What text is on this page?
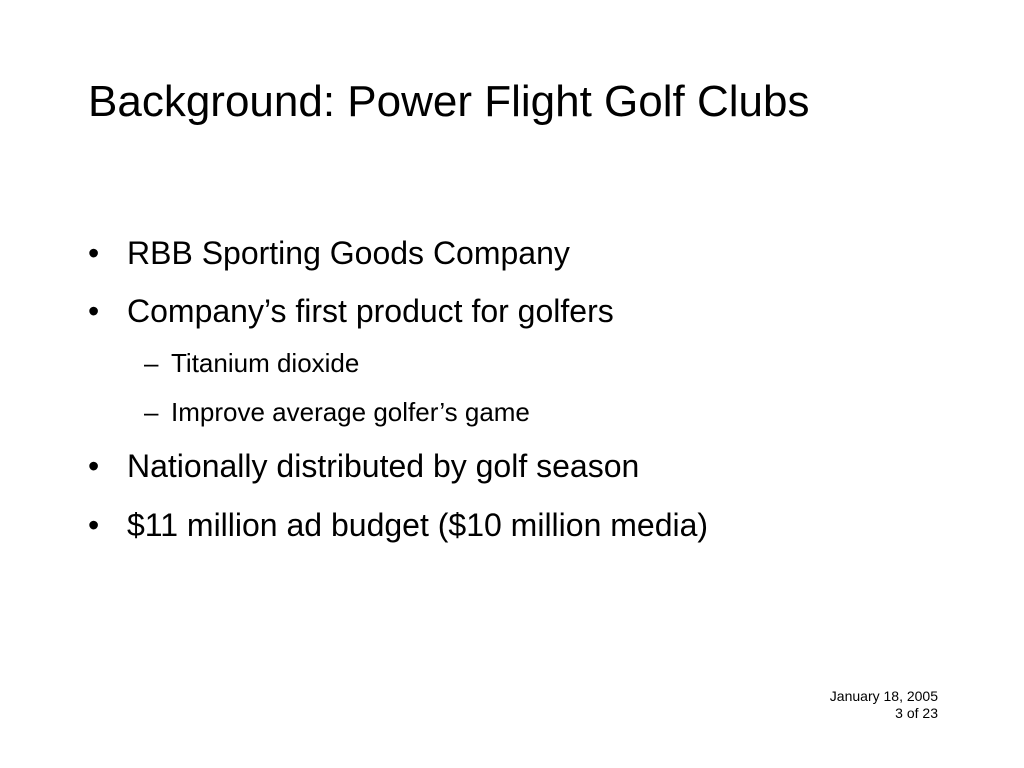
Background: Power Flight Golf Clubs
• RBB Sporting Goods Company
• Company’s first product for golfers
– Titanium dioxide
– Improve average golfer’s game
• Nationally distributed by golf season
• $11 million ad budget ($10 million media)
January 18, 2005
3 of 23
